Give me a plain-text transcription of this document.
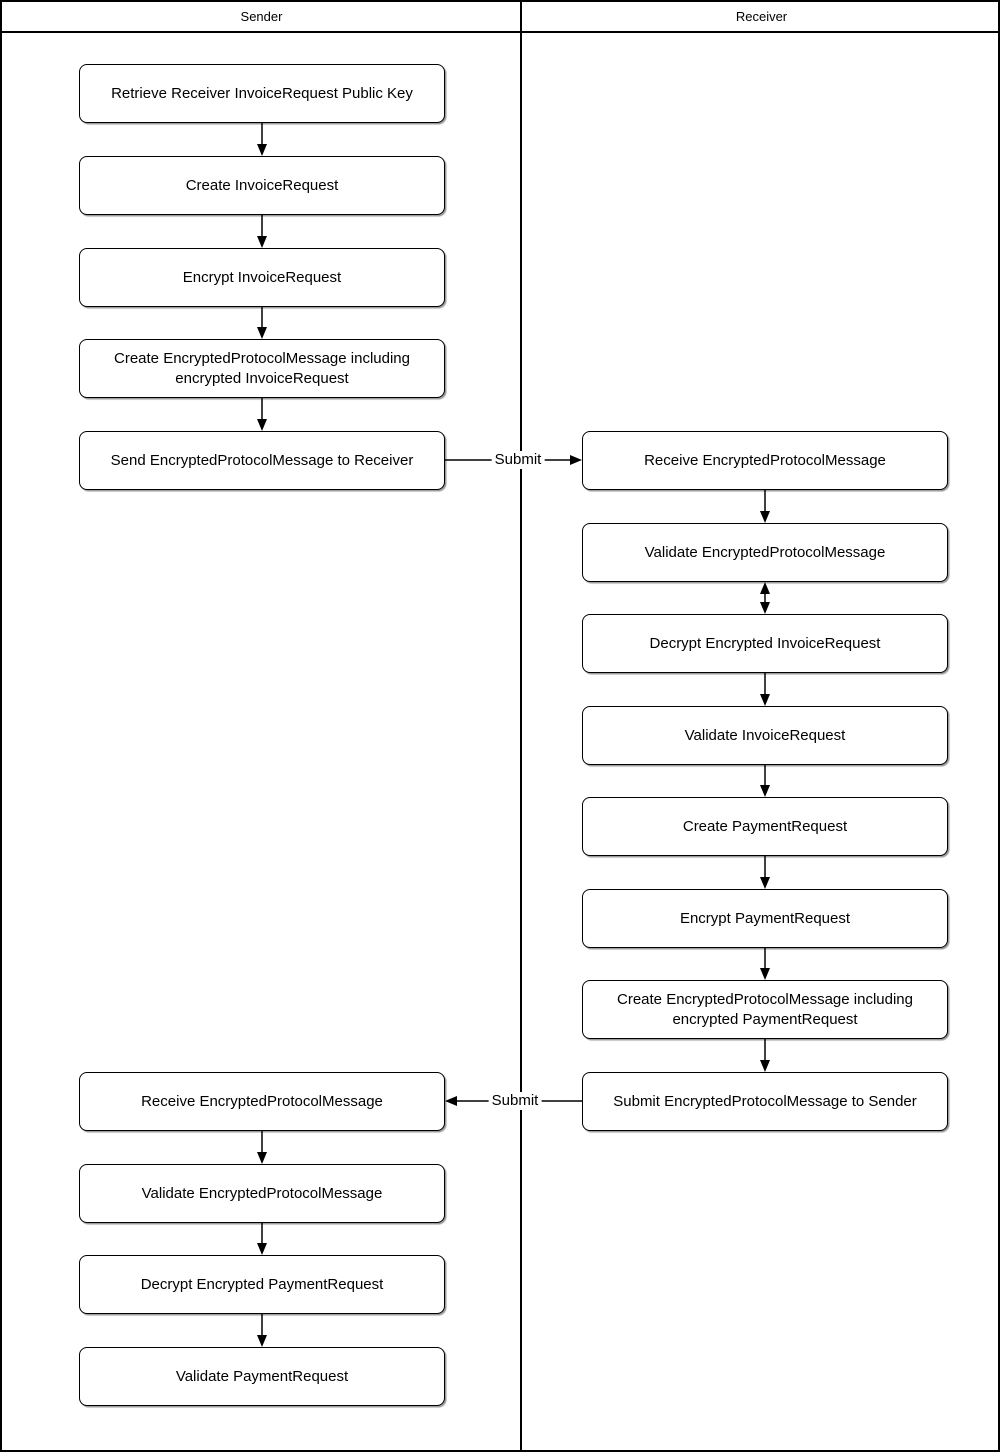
Sender	Receiver
Retrieve Receiver InvoiceRequest Public Key
Create InvoiceRequest
Encrypt InvoiceRequest
Create EncryptedProtocolMessage including encrypted InvoiceRequest
Send EncryptedProtocolMessage to Receiver	Receive EncryptedProtocolMessage
Validate EncryptedProtocolMessage
Decrypt Encrypted InvoiceRequest
Validate InvoiceRequest
Create PaymentRequest
Encrypt PaymentRequest
Create EncryptedProtocolMessage including encrypted PaymentRequest
Submit EncryptedProtocolMessage to Sender
Receive EncryptedProtocolMessage
Validate EncryptedProtocolMessage
Decrypt Encrypted PaymentRequest
Validate PaymentRequest
Submit
Submit
